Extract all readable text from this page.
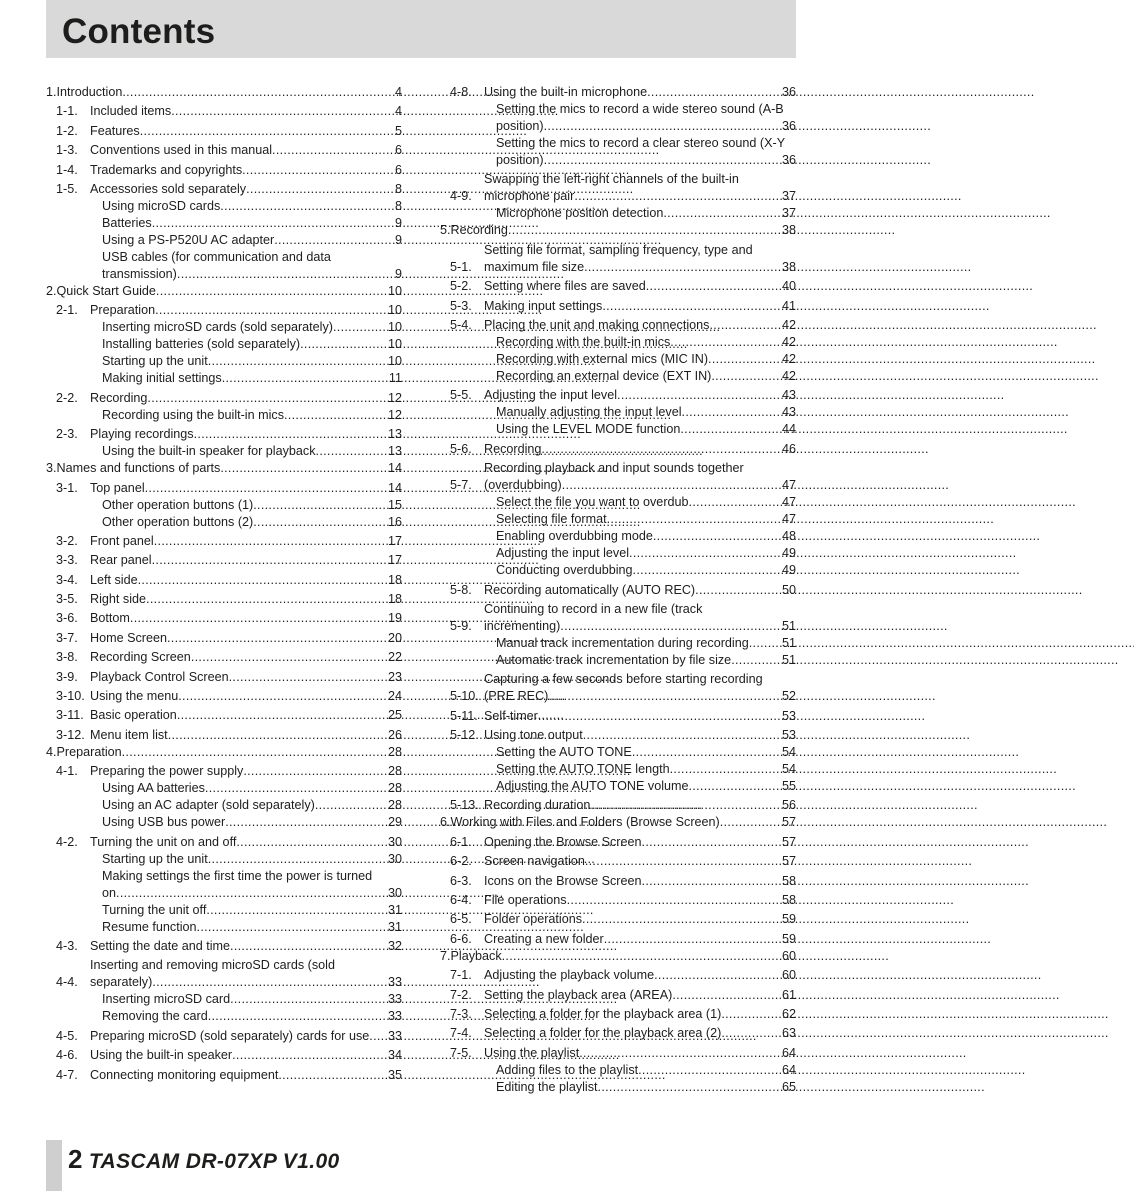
Contents
1. Introduction . . .	4
1-1. Included items . . .	4
1-2. Features . . .	5
1-3. Conventions used in this manual . . .	6
1-4. Trademarks and copyrights . . .	6
1-5. Accessories sold separately . . .	8
Using microSD cards . . .	8
Batteries . . .	9
Using a PS-P520U AC adapter . . .	9
USB cables (for communication and data
transmission) . . .	9
2. Quick Start Guide . . .	10
2-1. Preparation . . .	10
Inserting microSD cards (sold separately) . . .	10
Installing batteries (sold separately) . . .	10
Starting up the unit . . .	10
Making initial settings . . .	11
2-2. Recording . . .	12
Recording using the built-in mics . . .	12
2-3. Playing recordings . . .	13
Using the built-in speaker for playback . . .	13
3. Names and functions of parts . . .	14
3-1. Top panel . . .	14
Other operation buttons (1) . . .	15
Other operation buttons (2) . . .	16
3-2. Front panel . . .	17
3-3. Rear panel . . .	17
3-4. Left side . . .	18
3-5. Right side . . .	18
3-6. Bottom . . .	19
3-7. Home Screen . . .	20
3-8. Recording Screen . . .	22
3-9. Playback Control Screen . . .	23
3-10. Using the menu . . .	24
3-11. Basic operation . . .	25
3-12. Menu item list . . .	26
4. Preparation . . .	28
4-1. Preparing the power supply . . .	28
Using AA batteries . . .	28
Using an AC adapter (sold separately) . . .	28
Using USB bus power . . .	29
4-2. Turning the unit on and off . . .	30
Starting up the unit . . .	30
Making settings the first time the power is turned
on . . .	30
Turning the unit off . . .	31
Resume function . . .	31
4-3. Setting the date and time . . .	32
4-4.
Inserting and removing microSD cards (sold
separately) . . .	33
Inserting microSD card . . .	33
Removing the card . . .	33
4-5. Preparing microSD (sold separately) cards for use . . . 33
4-6. Using the built-in speaker . . .	34
4-7. Connecting monitoring equipment . . .	35
4-8. Using the built-in microphone . . .	36
Setting the mics to record a wide stereo sound (A-B
position) . . .	36
Setting the mics to record a clear stereo sound (X-Y
position) . . .	36
4-9.
Swapping the left-right channels of the built-in
microphone pair . . .	37
Microphone position detection . . .	37
5. Recording . . .	38
5-1.
Setting file format, sampling frequency, type and
maximum file size . . .	38
5-2. Setting where files are saved . . .	40
5-3. Making input settings . . .	41
5-4. Placing the unit and making connections . . .	42
Recording with the built-in mics . . .	42
Recording with external mics (MIC IN) . . .	42
Recording an external device (EXT IN) . . .	42
5-5. Adjusting the input level . . .	43
Manually adjusting the input level . . .	43
Using the LEVEL MODE function . . .	44
5-6. Recording . . .	46
5-7.
Recording playback and input sounds together
(overdubbing) . . .	47
Select the file you want to overdub . . .	47
Selecting file format . . .	47
Enabling overdubbing mode . . .	48
Adjusting the input level . . .	49
Conducting overdubbing . . .	49
5-8. Recording automatically (AUTO REC) . . .	50
5-9.
Continuing to record in a new file (track
incrementing) . . .	51
Manual track incrementation during recording . . .	51
Automatic track incrementation by file size . . .	51
5-10.
Capturing a few seconds before starting recording
(PRE REC) . . .	52
5-11. Self-timer . . .	53
5-12. Using tone output . . .	53
Setting the AUTO TONE . . .	54
Setting the AUTO TONE length . . .	54
Adjusting the AUTO TONE volume . . .	55
5-13. Recording duration . . .	56
6. Working with Files and Folders (Browse Screen) . . .	57
6-1. Opening the Browse Screen . . .	57
6-2. Screen navigation . . .	57
6-3. Icons on the Browse Screen . . .	58
6-4. File operations . . .	58
6-5. Folder operations . . .	59
6-6. Creating a new folder . . .	59
7. Playback . . .	60
7-1. Adjusting the playback volume . . .	60
7-2. Setting the playback area (AREA) . . .	61
7-3. Selecting a folder for the playback area (1) . . .	62
7-4. Selecting a folder for the playback area (2) . . .	63
7-5. Using the playlist . . .	64
Adding files to the playlist . . .	64
Editing the playlist . . .	65
2 TASCAM DR-07XP V1.00
